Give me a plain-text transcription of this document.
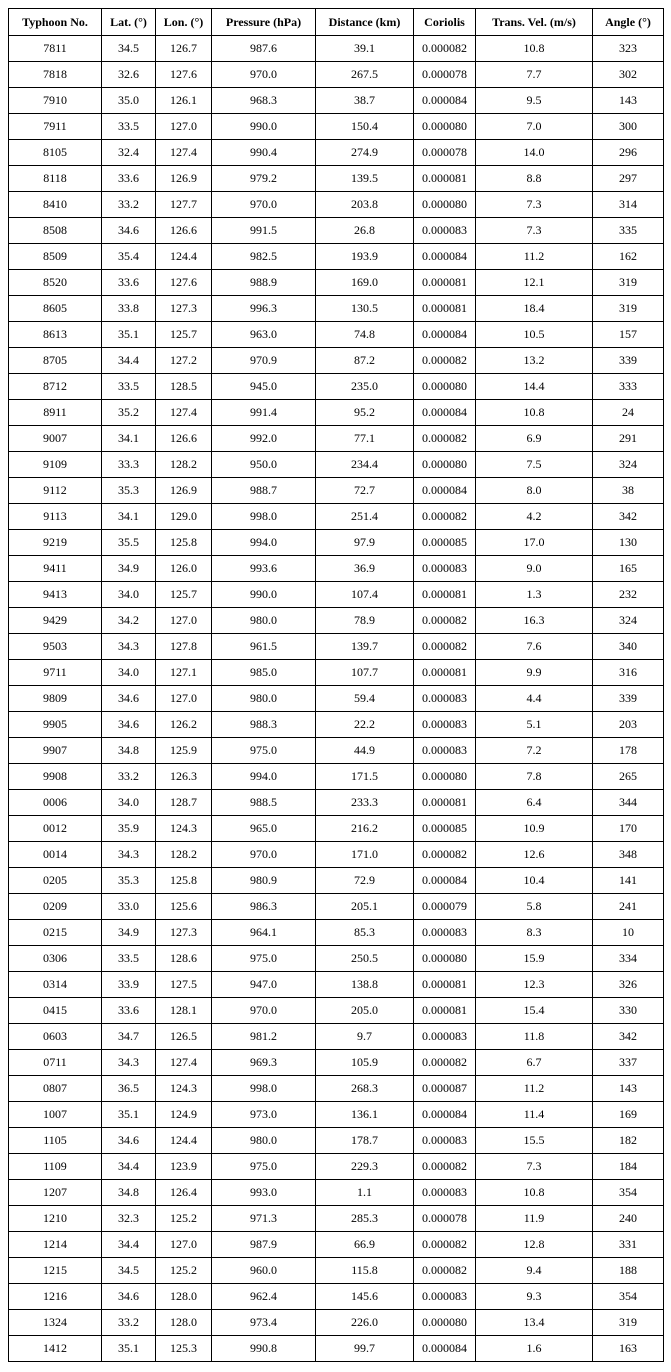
Typhoon No.	Lat. (°)	Lon. (°)	Pressure (hPa)	Distance (km)	Coriolis	Trans. Vel. (m/s)	Angle (°)
7811	34.5	126.7	987.6	39.1	0.000082	10.8	323
7818	32.6	127.6	970.0	267.5	0.000078	7.7	302
7910	35.0	126.1	968.3	38.7	0.000084	9.5	143
7911	33.5	127.0	990.0	150.4	0.000080	7.0	300
8105	32.4	127.4	990.4	274.9	0.000078	14.0	296
8118	33.6	126.9	979.2	139.5	0.000081	8.8	297
8410	33.2	127.7	970.0	203.8	0.000080	7.3	314
8508	34.6	126.6	991.5	26.8	0.000083	7.3	335
8509	35.4	124.4	982.5	193.9	0.000084	11.2	162
8520	33.6	127.6	988.9	169.0	0.000081	12.1	319
8605	33.8	127.3	996.3	130.5	0.000081	18.4	319
8613	35.1	125.7	963.0	74.8	0.000084	10.5	157
8705	34.4	127.2	970.9	87.2	0.000082	13.2	339
8712	33.5	128.5	945.0	235.0	0.000080	14.4	333
8911	35.2	127.4	991.4	95.2	0.000084	10.8	24
9007	34.1	126.6	992.0	77.1	0.000082	6.9	291
9109	33.3	128.2	950.0	234.4	0.000080	7.5	324
9112	35.3	126.9	988.7	72.7	0.000084	8.0	38
9113	34.1	129.0	998.0	251.4	0.000082	4.2	342
9219	35.5	125.8	994.0	97.9	0.000085	17.0	130
9411	34.9	126.0	993.6	36.9	0.000083	9.0	165
9413	34.0	125.7	990.0	107.4	0.000081	1.3	232
9429	34.2	127.0	980.0	78.9	0.000082	16.3	324
9503	34.3	127.8	961.5	139.7	0.000082	7.6	340
9711	34.0	127.1	985.0	107.7	0.000081	9.9	316
9809	34.6	127.0	980.0	59.4	0.000083	4.4	339
9905	34.6	126.2	988.3	22.2	0.000083	5.1	203
9907	34.8	125.9	975.0	44.9	0.000083	7.2	178
9908	33.2	126.3	994.0	171.5	0.000080	7.8	265
0006	34.0	128.7	988.5	233.3	0.000081	6.4	344
0012	35.9	124.3	965.0	216.2	0.000085	10.9	170
0014	34.3	128.2	970.0	171.0	0.000082	12.6	348
0205	35.3	125.8	980.9	72.9	0.000084	10.4	141
0209	33.0	125.6	986.3	205.1	0.000079	5.8	241
0215	34.9	127.3	964.1	85.3	0.000083	8.3	10
0306	33.5	128.6	975.0	250.5	0.000080	15.9	334
0314	33.9	127.5	947.0	138.8	0.000081	12.3	326
0415	33.6	128.1	970.0	205.0	0.000081	15.4	330
0603	34.7	126.5	981.2	9.7	0.000083	11.8	342
0711	34.3	127.4	969.3	105.9	0.000082	6.7	337
0807	36.5	124.3	998.0	268.3	0.000087	11.2	143
1007	35.1	124.9	973.0	136.1	0.000084	11.4	169
1105	34.6	124.4	980.0	178.7	0.000083	15.5	182
1109	34.4	123.9	975.0	229.3	0.000082	7.3	184
1207	34.8	126.4	993.0	1.1	0.000083	10.8	354
1210	32.3	125.2	971.3	285.3	0.000078	11.9	240
1214	34.4	127.0	987.9	66.9	0.000082	12.8	331
1215	34.5	125.2	960.0	115.8	0.000082	9.4	188
1216	34.6	128.0	962.4	145.6	0.000083	9.3	354
1324	33.2	128.0	973.4	226.0	0.000080	13.4	319
1412	35.1	125.3	990.8	99.7	0.000084	1.6	163
